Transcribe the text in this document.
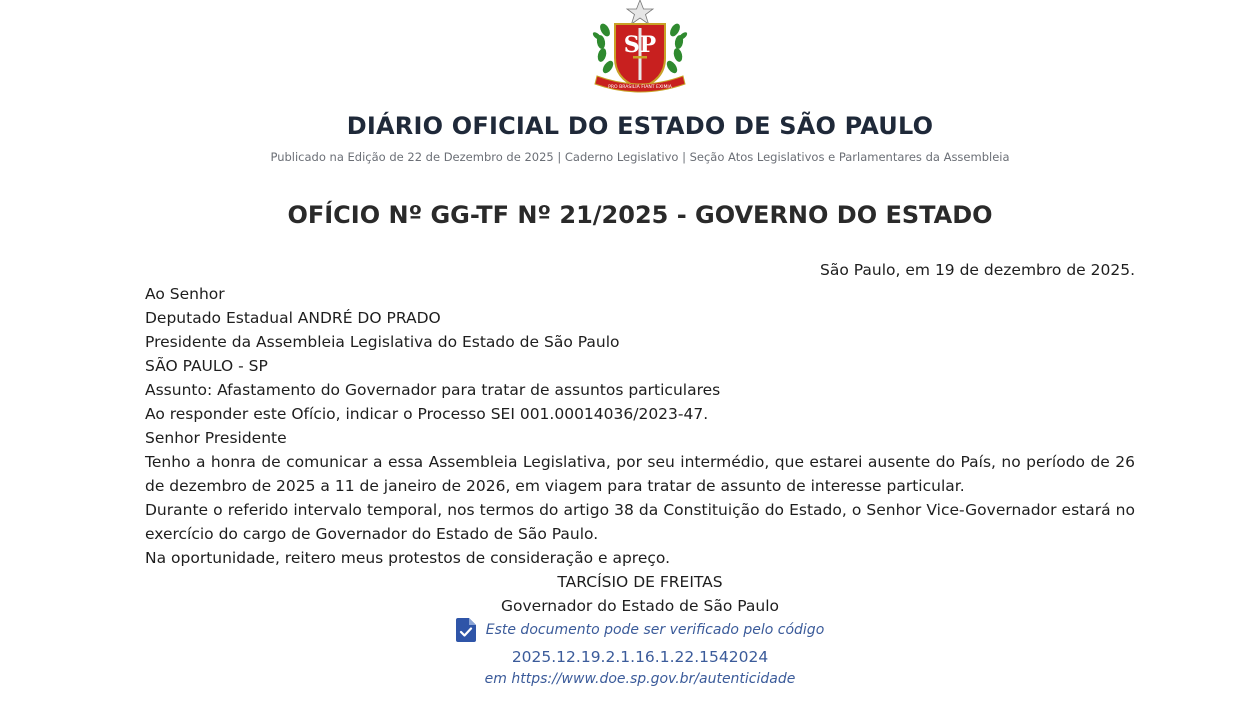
SP
PRO BRASILIA FIANT EXIMIA
DIÁRIO OFICIAL DO ESTADO DE SÃO PAULO
Publicado na Edição de 22 de Dezembro de 2025 | Caderno Legislativo | Seção Atos Legislativos e Parlamentares da Assembleia
OFÍCIO Nº GG-TF Nº 21/2025 - GOVERNO DO ESTADO
São Paulo, em 19 de dezembro de 2025.
Ao Senhor
Deputado Estadual ANDRÉ DO PRADO
Presidente da Assembleia Legislativa do Estado de São Paulo
SÃO PAULO - SP
Assunto: Afastamento do Governador para tratar de assuntos particulares
Ao responder este Ofício, indicar o Processo SEI 001.00014036/2023-47.
Senhor Presidente
Tenho a honra de comunicar a essa Assembleia Legislativa, por seu intermédio, que estarei ausente do País, no período de 26 de dezembro de 2025 a 11 de janeiro de 2026, em viagem para tratar de assunto de interesse particular.
Durante o referido intervalo temporal, nos termos do artigo 38 da Constituição do Estado, o Senhor Vice-Governador estará no exercício do cargo de Governador do Estado de São Paulo.
Na oportunidade, reitero meus protestos de consideração e apreço.
TARCÍSIO DE FREITAS
Governador do Estado de São Paulo
Este documento pode ser verificado pelo código
2025.12.19.2.1.16.1.22.1542024
em https://www.doe.sp.gov.br/autenticidade
